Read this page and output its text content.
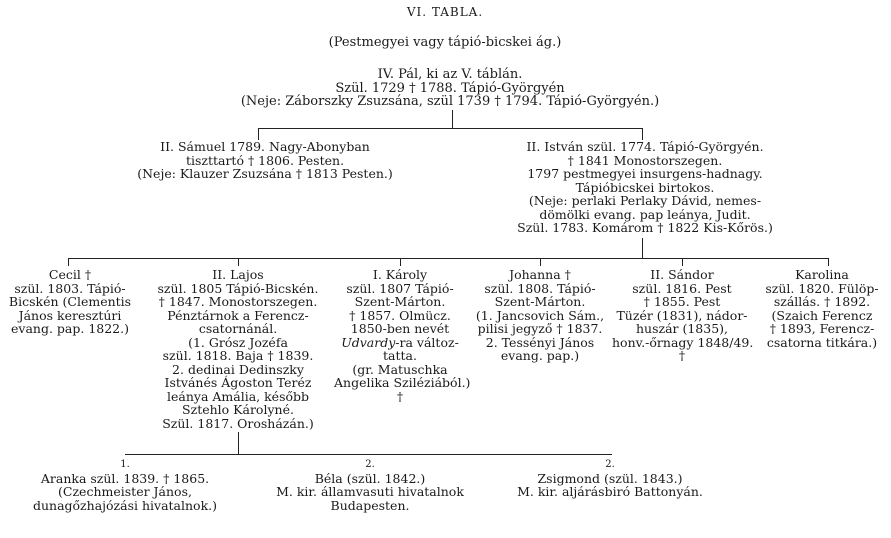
VI. TABLA.
(Pestmegyei vagy tápió-bicskei ág.)
IV. Pál, ki az V. táblán.
Szül. 1729 † 1788. Tápió-Györgyén
(Neje: Záborszky Zsuzsána, szül 1739 † 1794. Tápió-Györgyén.)
II. Sámuel 1789. Nagy-Abonyban
tiszttartó † 1806. Pesten.
(Neje: Klauzer Zsuzsána † 1813 Pesten.)
II. István szül. 1774. Tápió-Györgyén.
† 1841 Monostorszegen.
1797 pestmegyei insurgens-hadnagy.
Tápióbicskei birtokos.
(Neje: perlaki Perlaky Dávid, nemes-
dömölki evang. pap leánya, Judit.
Szül. 1783. Komárom † 1822 Kis-Kőrös.)
Cecil †
szül. 1803. Tápió-
Bicskén (Clementis
János keresztúri
evang. pap. 1822.)
II. Lajos
szül. 1805 Tápió-Bicskén.
† 1847. Monostorszegen.
Pénztárnok a Ferencz-
csatornánál.
(1. Grósz Jozéfa
szül. 1818. Baja † 1839.
2. dedinai Dedinszky
Istvánés Ágoston Teréz
leánya Amália, később
Sztehlo Károlyné.
Szül. 1817. Orosházán.)
I. Károly
szül. 1807 Tápió-
Szent-Márton.
† 1857. Olmücz.
1850-ben nevét
Udvardy-ra változ-
tatta.
(gr. Matuschka
Angelika Sziléziából.)
†
Johanna †
szül. 1808. Tápió-
Szent-Márton.
(1. Jancsovich Sám.,
pilisi jegyző † 1837.
2. Tessényi János
evang. pap.)
II. Sándor
szül. 1816. Pest
† 1855. Pest
Tüzér (1831), nádor-
huszár (1835),
honv.-őrnagy 1848/49.
†
Karolina
szül. 1820. Fülöp-
szállás. † 1892.
(Szaich Ferencz
† 1893, Ferencz-
csatorna titkára.)
1.
Aranka szül. 1839. † 1865.
(Czechmeister János,
dunagőzhajózási hivatalnok.)
2.
Béla (szül. 1842.)
M. kir. államvasuti hivatalnok
Budapesten.
2.
Zsigmond (szül. 1843.)
M. kir. aljárásbiró Battonyán.
